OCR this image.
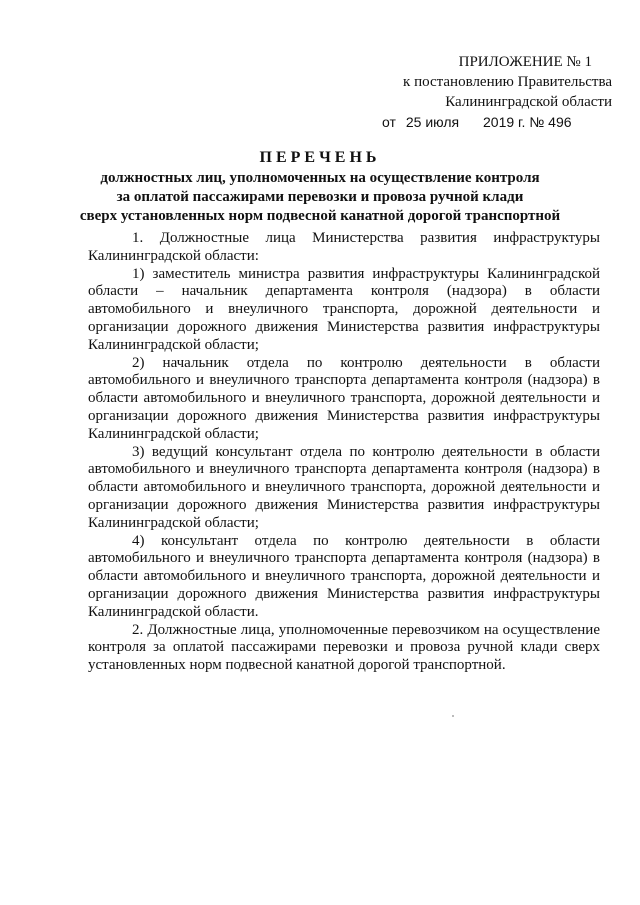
ПРИЛОЖЕНИЕ № 1
к постановлению Правительства
Калининградской области
от 25 июля 2019 г. № 496
ПЕРЕЧЕНЬ
должностных лиц, уполномоченных на осуществление контроля
за оплатой пассажирами перевозки и провоза ручной клади
сверх установленных норм подвесной канатной дорогой транспортной

1. Должностные лица Министерства развития инфраструктуры Калининградской области:

1) заместитель министра развития инфраструктуры Калининградской области – начальник департамента контроля (надзора) в области автомобильного и внеуличного транспорта, дорожной деятельности и организации дорожного движения Министерства развития инфраструктуры Калининградской области;

2) начальник отдела по контролю деятельности в области автомобильного и внеуличного транспорта департамента контроля (надзора) в области автомобильного и внеуличного транспорта, дорожной деятельности и организации дорожного движения Министерства развития инфраструктуры Калининградской области;

3) ведущий консультант отдела по контролю деятельности в области автомобильного и внеуличного транспорта департамента контроля (надзора) в области автомобильного и внеуличного транспорта, дорожной деятельности и организации дорожного движения Министерства развития инфраструктуры Калининградской области;

4) консультант отдела по контролю деятельности в области автомобильного и внеуличного транспорта департамента контроля (надзора) в области автомобильного и внеуличного транспорта, дорожной деятельности и организации дорожного движения Министерства развития инфраструктуры Калининградской области.

2. Должностные лица, уполномоченные перевозчиком на осуществление контроля за оплатой пассажирами перевозки и провоза ручной клади сверх установленных норм подвесной канатной дорогой транспортной.
